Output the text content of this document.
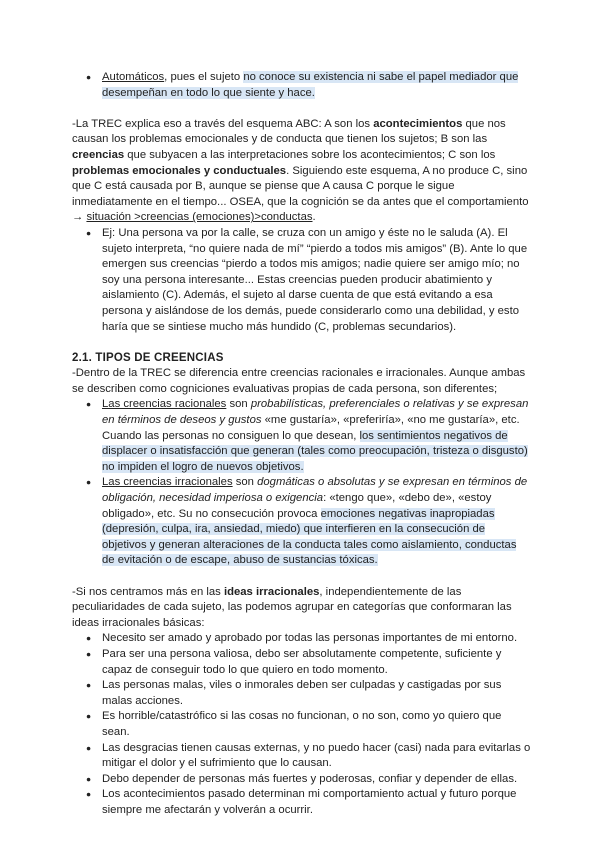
● Automáticos, pues el sujeto no conoce su existencia ni sabe el papel mediador que desempeñan en todo lo que siente y hace.

-La TREC explica eso a través del esquema ABC: A son los acontecimientos que nos causan los problemas emocionales y de conducta que tienen los sujetos; B son las creencias que subyacen a las interpretaciones sobre los acontecimientos; C son los problemas emocionales y conductuales. Siguiendo este esquema, A no produce C, sino que C está causada por B, aunque se piense que A causa C porque le sigue inmediatamente en el tiempo... OSEA, que la cognición se da antes que el comportamiento → situación >creencias (emociones)>conductas.

● Ej: Una persona va por la calle, se cruza con un amigo y éste no le saluda (A). El sujeto interpreta, “no quiere nada de mí” “pierdo a todos mis amigos” (B). Ante lo que emergen sus creencias “pierdo a todos mis amigos; nadie quiere ser amigo mío; no soy una persona interesante... Estas creencias pueden producir abatimiento y aislamiento (C). Además, el sujeto al darse cuenta de que está evitando a esa persona y aislándose de los demás, puede considerarlo como una debilidad, y esto haría que se sintiese mucho más hundido (C, problemas secundarios).
2.1. TIPOS DE CREENCIAS

-Dentro de la TREC se diferencia entre creencias racionales e irracionales. Aunque ambas se describen como cogniciones evaluativas propias de cada persona, son diferentes;

● Las creencias racionales son probabilísticas, preferenciales o relativas y se expresan en términos de deseos y gustos «me gustaría», «preferiría», «no me gustaría», etc. Cuando las personas no consiguen lo que desean, los sentimientos negativos de displacer o insatisfacción que generan (tales como preocupación, tristeza o disgusto) no impiden el logro de nuevos objetivos.
● Las creencias irracionales son dogmáticas o absolutas y se expresan en términos de obligación, necesidad imperiosa o exigencia: «tengo que», «debo de», «estoy obligado», etc. Su no consecución provoca emociones negativas inapropiadas (depresión, culpa, ira, ansiedad, miedo) que interfieren en la consecución de objetivos y generan alteraciones de la conducta tales como aislamiento, conductas de evitación o de escape, abuso de sustancias tóxicas.

-Si nos centramos más en las ideas irracionales, independientemente de las peculiaridades de cada sujeto, las podemos agrupar en categorías que conformaran las ideas irracionales básicas:

● Necesito ser amado y aprobado por todas las personas importantes de mi entorno.
● Para ser una persona valiosa, debo ser absolutamente competente, suficiente y capaz de conseguir todo lo que quiero en todo momento.
● Las personas malas, viles o inmorales deben ser culpadas y castigadas por sus malas acciones.
● Es horrible/catastrófico si las cosas no funcionan, o no son, como yo quiero que sean.
● Las desgracias tienen causas externas, y no puedo hacer (casi) nada para evitarlas o mitigar el dolor y el sufrimiento que lo causan.
● Debo depender de personas más fuertes y poderosas, confiar y depender de ellas.
● Los acontecimientos pasado determinan mi comportamiento actual y futuro porque siempre me afectarán y volverán a ocurrir.
